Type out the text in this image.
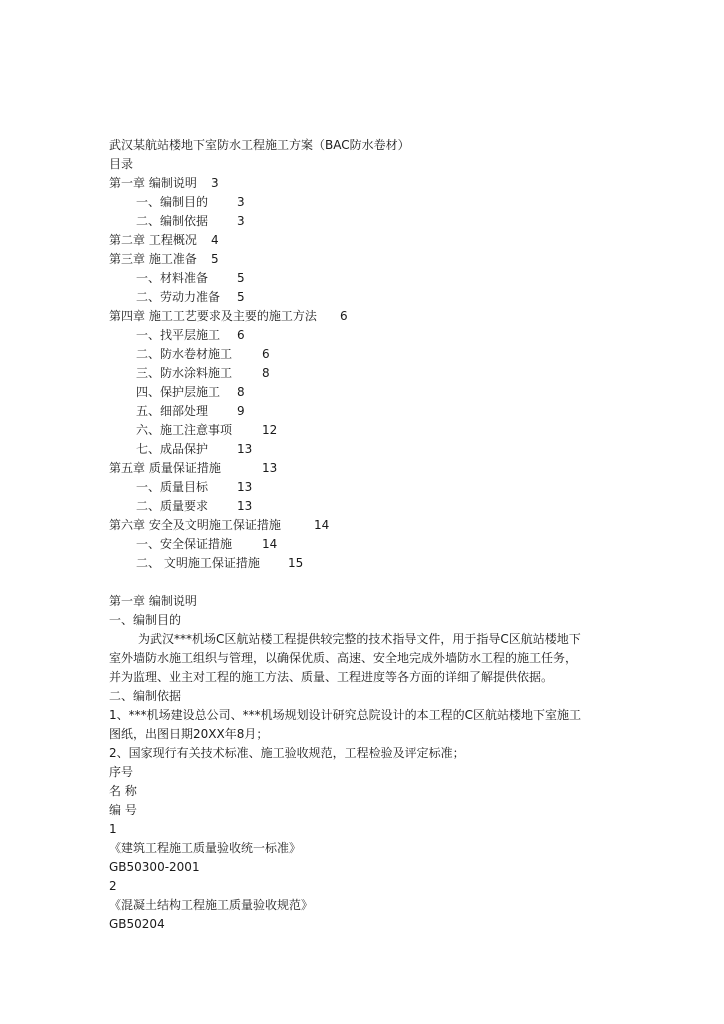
武汉某航站楼地下室防水工程施工方案（BAC防水卷材）
目录
第一章 编制说明 3
一、编制目的 3
二、编制依据 3
第二章 工程概况 4
第三章 施工准备 5
一、材料准备 5
二、劳动力准备 5
第四章 施工工艺要求及主要的施工方法 6
一、找平层施工 6
二、防水卷材施工 6
三、防水涂料施工 8
四、保护层施工 8
五、细部处理 9
六、施工注意事项 12
七、成品保护 13
第五章 质量保证措施	13
一、质量目标 13
二、质量要求 13
第六章 安全及文明施工保证措施	14
一、安全保证措施 14
二、 文明施工保证措施 15
第一章 编制说明
一、编制目的
为武汉***机场C区航站楼工程提供较完整的技术指导文件，用于指导C区航站楼地下
室外墙防水施工组织与管理，以确保优质、高速、安全地完成外墙防水工程的施工任务，
并为监理、业主对工程的施工方法、质量、工程进度等各方面的详细了解提供依据。
二、编制依据
1、***机场建设总公司、***机场规划设计研究总院设计的本工程的C区航站楼地下室施工
图纸，出图日期20XX年8月；
2、国家现行有关技术标准、施工验收规范，工程检验及评定标准；
序号
名 称
编 号
1
《建筑工程施工质量验收统一标准》
GB50300-2001
2
《混凝土结构工程施工质量验收规范》
GB50204
